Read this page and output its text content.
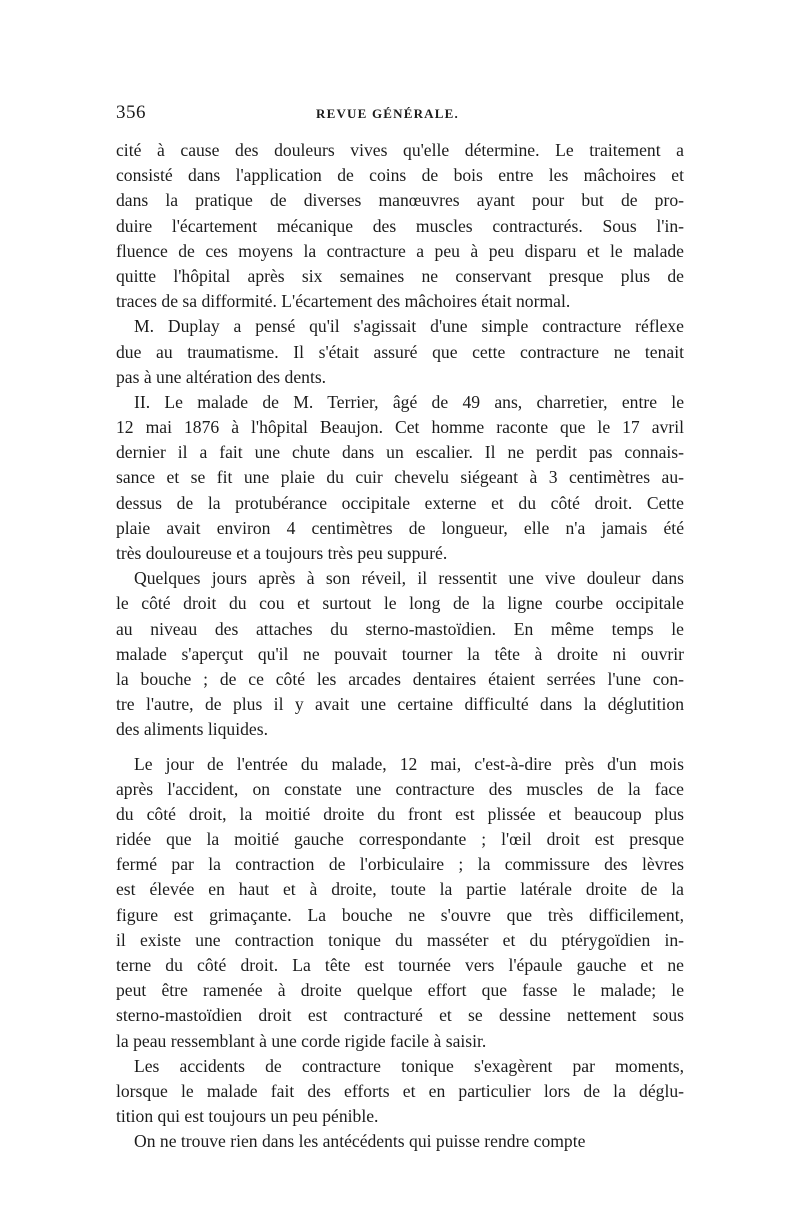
356	REVUE GÉNÉRALE.
cité à cause des douleurs vives qu'elle détermine. Le traitement a
consisté dans l'application de coins de bois entre les mâchoires et
dans la pratique de diverses manœuvres ayant pour but de pro-
duire l'écartement mécanique des muscles contracturés. Sous l'in-
fluence de ces moyens la contracture a peu à peu disparu et le malade
quitte l'hôpital après six semaines ne conservant presque plus de
traces de sa difformité. L'écartement des mâchoires était normal.
M. Duplay a pensé qu'il s'agissait d'une simple contracture réflexe
due au traumatisme. Il s'était assuré que cette contracture ne tenait
pas à une altération des dents.
II. Le malade de M. Terrier, âgé de 49 ans, charretier, entre le
12 mai 1876 à l'hôpital Beaujon. Cet homme raconte que le 17 avril
dernier il a fait une chute dans un escalier. Il ne perdit pas connais-
sance et se fit une plaie du cuir chevelu siégeant à 3 centimètres au-
dessus de la protubérance occipitale externe et du côté droit. Cette
plaie avait environ 4 centimètres de longueur, elle n'a jamais été
très douloureuse et a toujours très peu suppuré.
Quelques jours après à son réveil, il ressentit une vive douleur dans
le côté droit du cou et surtout le long de la ligne courbe occipitale
au niveau des attaches du sterno-mastoïdien. En même temps le
malade s'aperçut qu'il ne pouvait tourner la tête à droite ni ouvrir
la bouche ; de ce côté les arcades dentaires étaient serrées l'une con-
tre l'autre, de plus il y avait une certaine difficulté dans la déglutition
des aliments liquides.
Le jour de l'entrée du malade, 12 mai, c'est-à-dire près d'un mois
après l'accident, on constate une contracture des muscles de la face
du côté droit, la moitié droite du front est plissée et beaucoup plus
ridée que la moitié gauche correspondante ; l'œil droit est presque
fermé par la contraction de l'orbiculaire ; la commissure des lèvres
est élevée en haut et à droite, toute la partie latérale droite de la
figure est grimaçante. La bouche ne s'ouvre que très difficilement,
il existe une contraction tonique du masséter et du ptérygoïdien in-
terne du côté droit. La tête est tournée vers l'épaule gauche et ne
peut être ramenée à droite quelque effort que fasse le malade; le
sterno-mastoïdien droit est contracturé et se dessine nettement sous
la peau ressemblant à une corde rigide facile à saisir.
Les accidents de contracture tonique s'exagèrent par moments,
lorsque le malade fait des efforts et en particulier lors de la déglu-
tition qui est toujours un peu pénible.
On ne trouve rien dans les antécédents qui puisse rendre compte
